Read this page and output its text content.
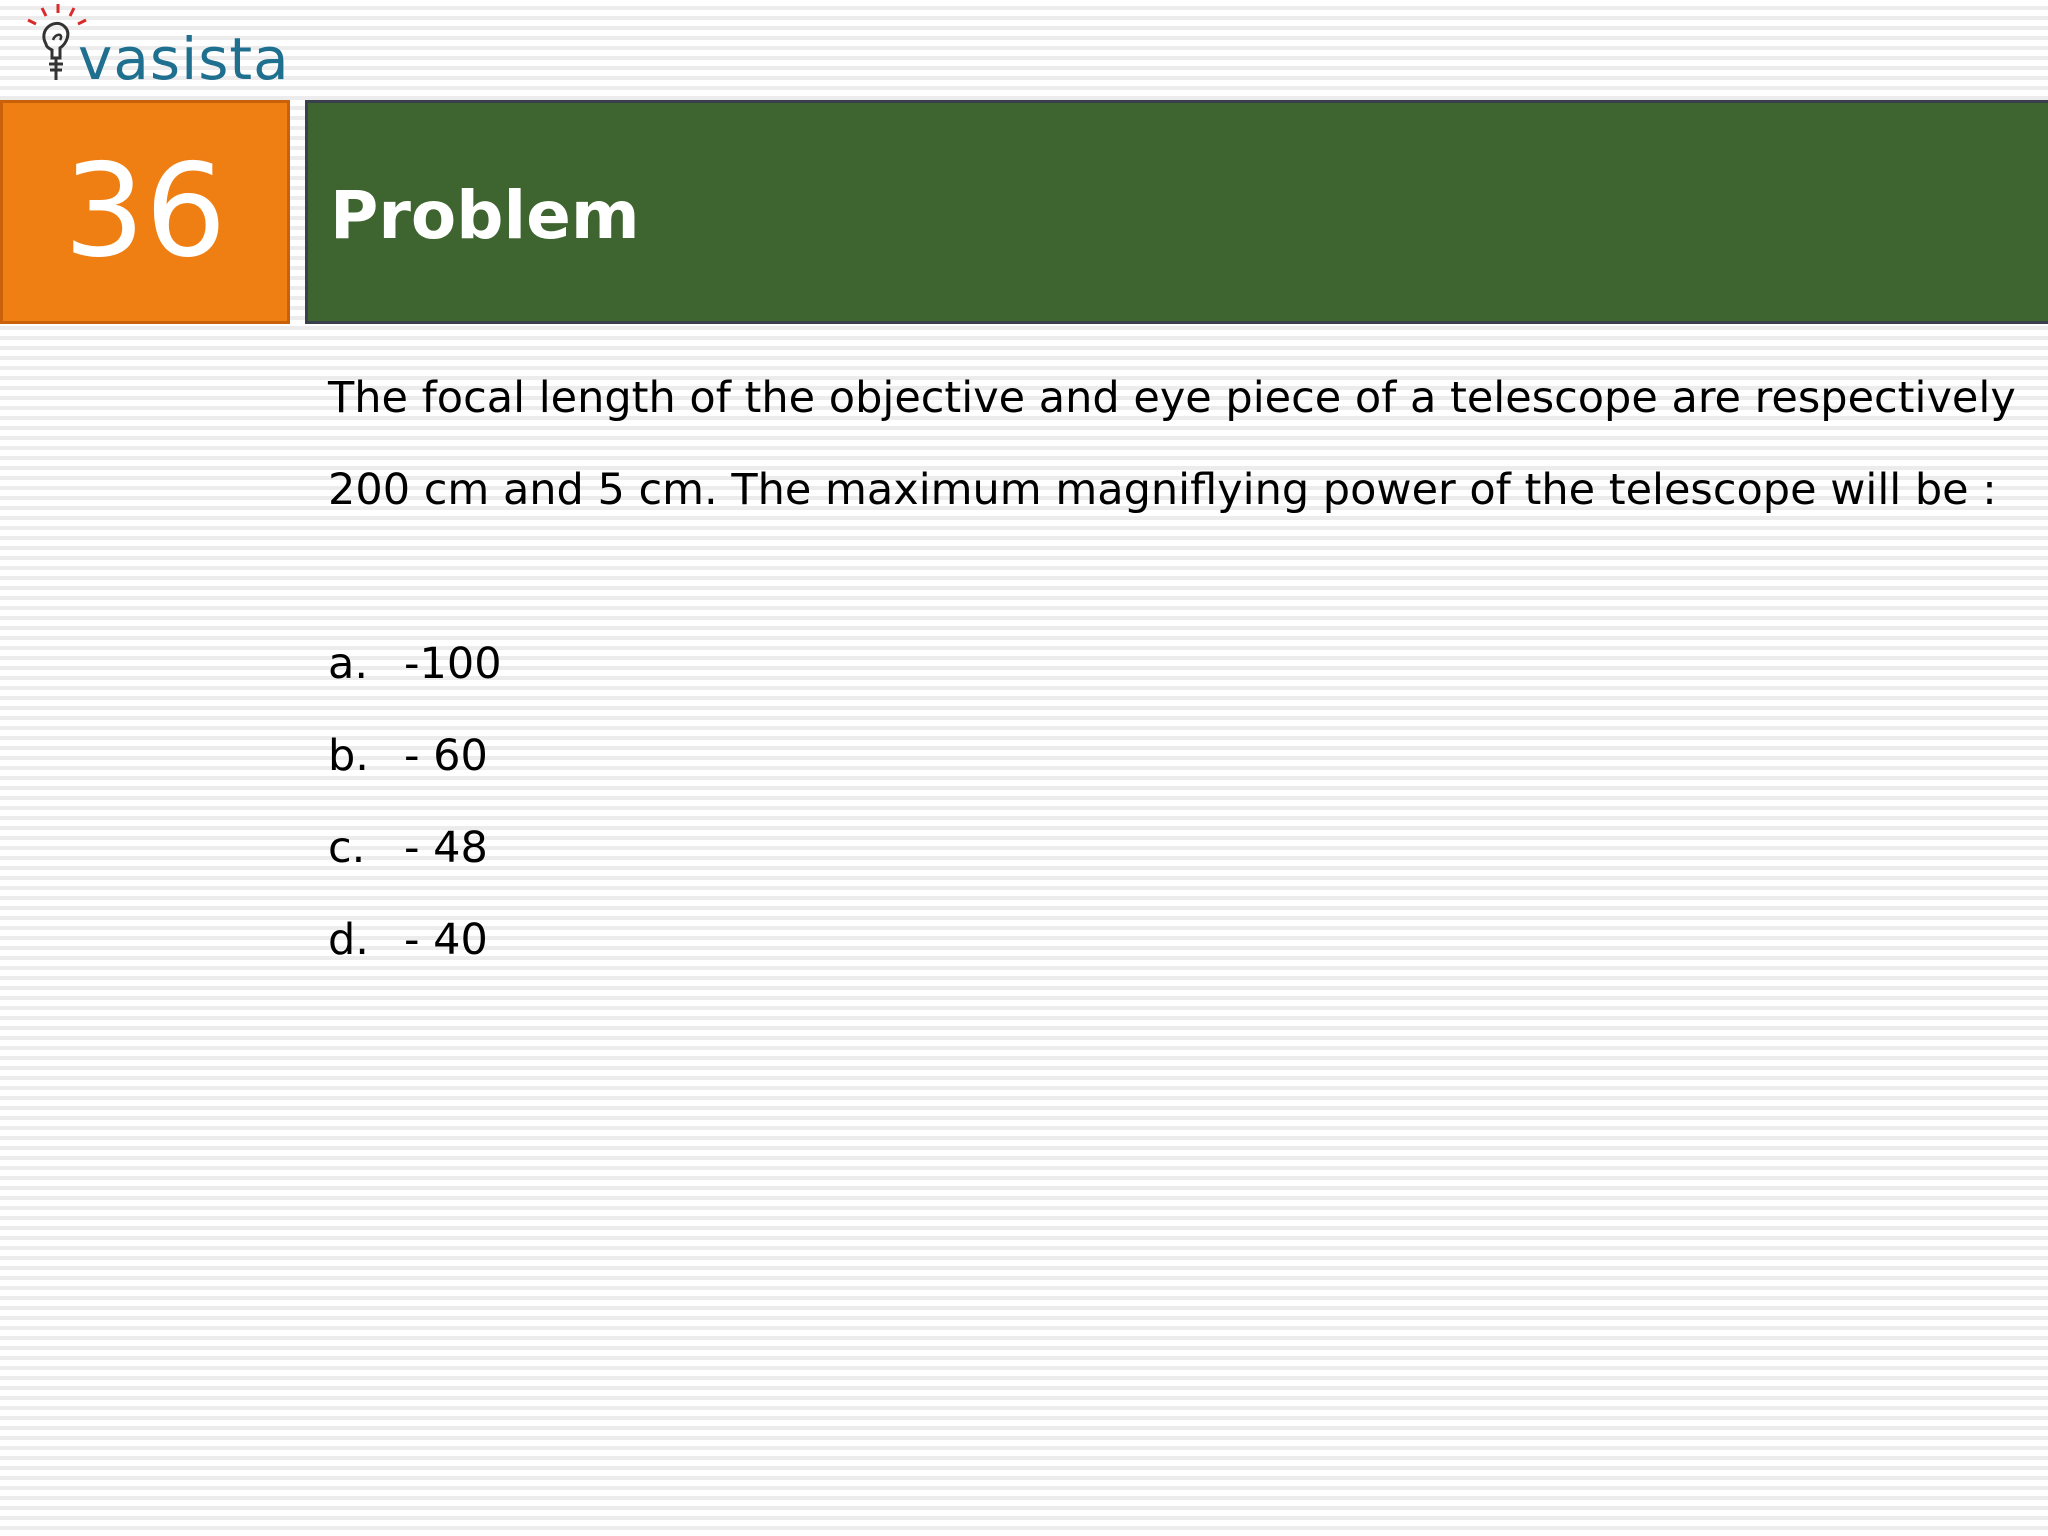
vasista
36 Problem
The focal length of the objective and eye piece of a telescope are respectively
200 cm and 5 cm. The maximum magniflying power of the telescope will be :
a. -100
b. - 60
c. - 48
d. - 40
